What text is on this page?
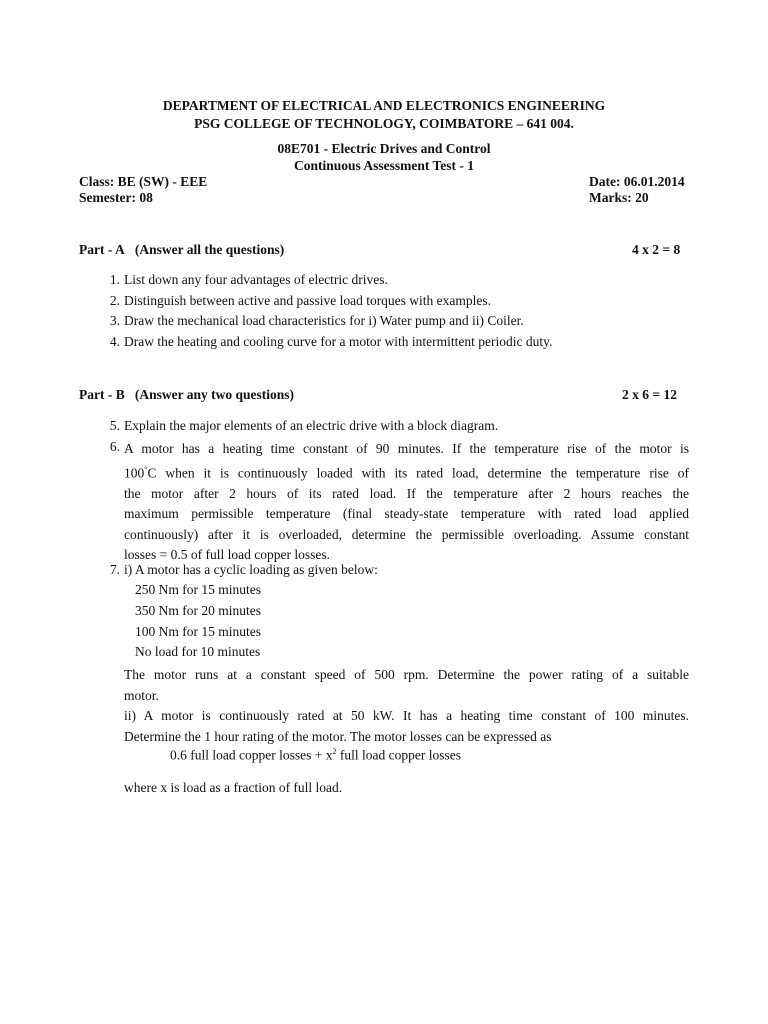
DEPARTMENT OF ELECTRICAL AND ELECTRONICS ENGINEERING
PSG COLLEGE OF TECHNOLOGY, COIMBATORE – 641 004.
08E701 - Electric Drives and Control
Continuous Assessment Test - 1
Class: BE (SW) - EEE
Semester: 08
Date: 06.01.2014
Marks: 20
Part - A (Answer all the questions)	4 x 2 = 8
1. List down any four advantages of electric drives.
2. Distinguish between active and passive load torques with examples.
3. Draw the mechanical load characteristics for i) Water pump and ii) Coiler.
4. Draw the heating and cooling curve for a motor with intermittent periodic duty.
Part - B (Answer any two questions)	2 x 6 = 12
5. Explain the major elements of an electric drive with a block diagram.
6. A motor has a heating time constant of 90 minutes. If the temperature rise of the motor is
100°C when it is continuously loaded with its rated load, determine the temperature rise of
the motor after 2 hours of its rated load. If the temperature after 2 hours reaches the
maximum permissible temperature (final steady-state temperature with rated load applied
continuously) after it is overloaded, determine the permissible overloading. Assume constant
losses = 0.5 of full load copper losses.
7. i) A motor has a cyclic loading as given below:
250 Nm for 15 minutes
350 Nm for 20 minutes
100 Nm for 15 minutes
No load for 10 minutes
The motor runs at a constant speed of 500 rpm. Determine the power rating of a suitable
motor.
ii) A motor is continuously rated at 50 kW. It has a heating time constant of 100 minutes.
Determine the 1 hour rating of the motor. The motor losses can be expressed as
0.6 full load copper losses + $x^2$ full load copper losses
where x is load as a fraction of full load.
